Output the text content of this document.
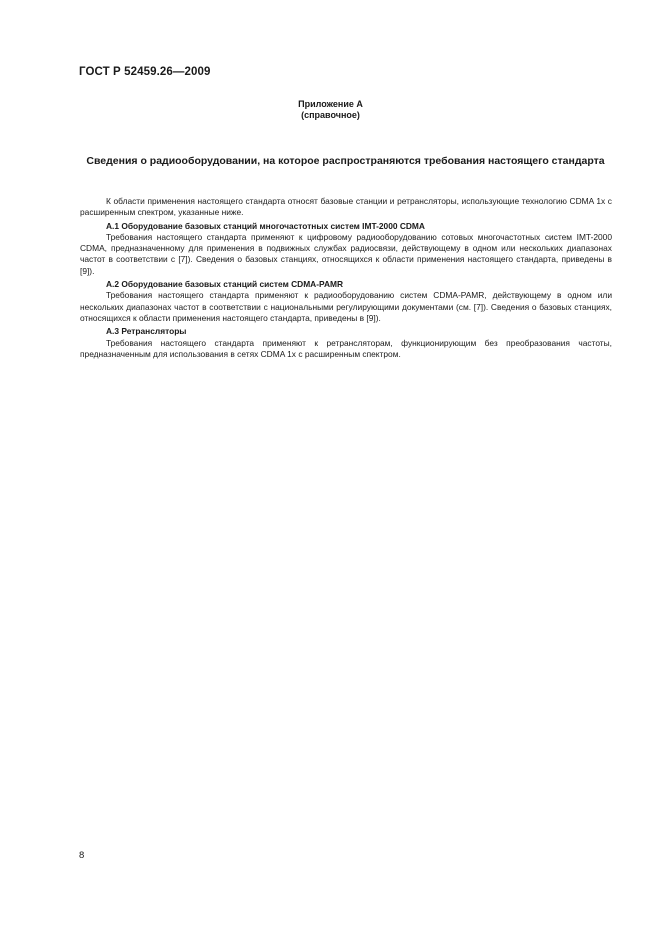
ГОСТ Р 52459.26—2009
Приложение А
(справочное)
Сведения о радиооборудовании, на которое распространяются требования настоящего стандарта

К области применения настоящего стандарта относят базовые станции и ретрансляторы, использующие технологию CDMA 1x с расширенным спектром, указанные ниже.

А.1 Оборудование базовых станций многочастотных систем IMT-2000 CDMA

Требования настоящего стандарта применяют к цифровому радиооборудованию сотовых многочастотных систем IMT-2000 CDMA, предназначенному для применения в подвижных службах радиосвязи, действующему в одном или нескольких диапазонах частот в соответствии с [7]). Сведения о базовых станциях, относящихся к области применения настоящего стандарта, приведены в [9]).

А.2 Оборудование базовых станций систем CDMA-PAMR

Требования настоящего стандарта применяют к радиооборудованию систем CDMA-PAMR, действующему в одном или нескольких диапазонах частот в соответствии с национальными регулирующими документами (см. [7]). Сведения о базовых станциях, относящихся к области применения настоящего стандарта, приведены в [9]).

А.3 Ретрансляторы

Требования настоящего стандарта применяют к ретрансляторам, функционирующим без преобразования частоты, предназначенным для использования в сетях CDMA 1x с расширенным спектром.

8
